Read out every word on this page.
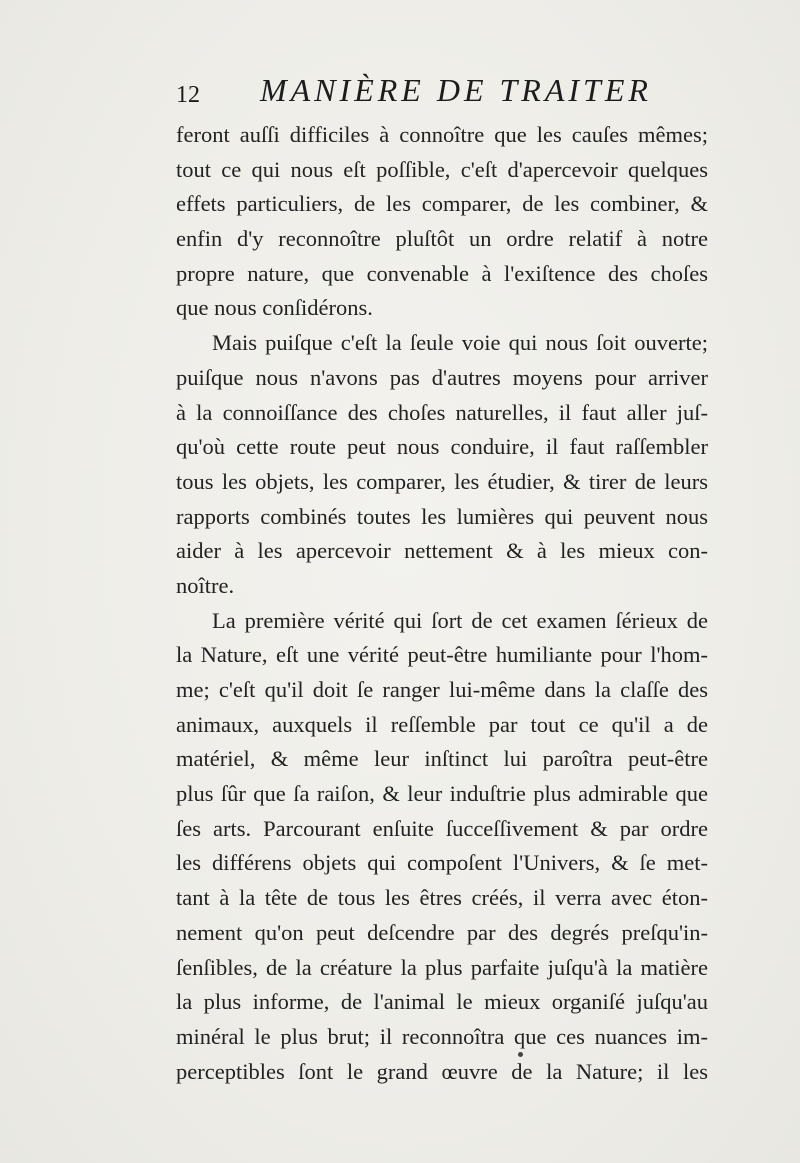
12 MANIÈRE DE TRAITER
feront auſſi difficiles à connoître que les cauſes mêmes;
tout ce qui nous eſt poſſible, c'eſt d'apercevoir quelques
effets particuliers, de les comparer, de les combiner, &
enfin d'y reconnoître pluſtôt un ordre relatif à notre
propre nature, que convenable à l'exiſtence des choſes
que nous conſidérons.
Mais puiſque c'eſt la ſeule voie qui nous ſoit ouverte;
puiſque nous n'avons pas d'autres moyens pour arriver
à la connoiſſance des choſes naturelles, il faut aller juſ-
qu'où cette route peut nous conduire, il faut raſſembler
tous les objets, les comparer, les étudier, & tirer de leurs
rapports combinés toutes les lumières qui peuvent nous
aider à les apercevoir nettement & à les mieux con-
noître.
La première vérité qui ſort de cet examen ſérieux de
la Nature, eſt une vérité peut-être humiliante pour l'hom-
me; c'eſt qu'il doit ſe ranger lui-même dans la claſſe des
animaux, auxquels il reſſemble par tout ce qu'il a de
matériel, & même leur inſtinct lui paroîtra peut-être
plus ſûr que ſa raiſon, & leur induſtrie plus admirable que
ſes arts. Parcourant enſuite ſucceſſivement & par ordre
les différens objets qui compoſent l'Univers, & ſe met-
tant à la tête de tous les êtres créés, il verra avec éton-
nement qu'on peut deſcendre par des degrés preſqu'in-
ſenſibles, de la créature la plus parfaite juſqu'à la matière
la plus informe, de l'animal le mieux organiſé juſqu'au
minéral le plus brut; il reconnoîtra que ces nuances im-
perceptibles ſont le grand œuvre de la Nature; il les
